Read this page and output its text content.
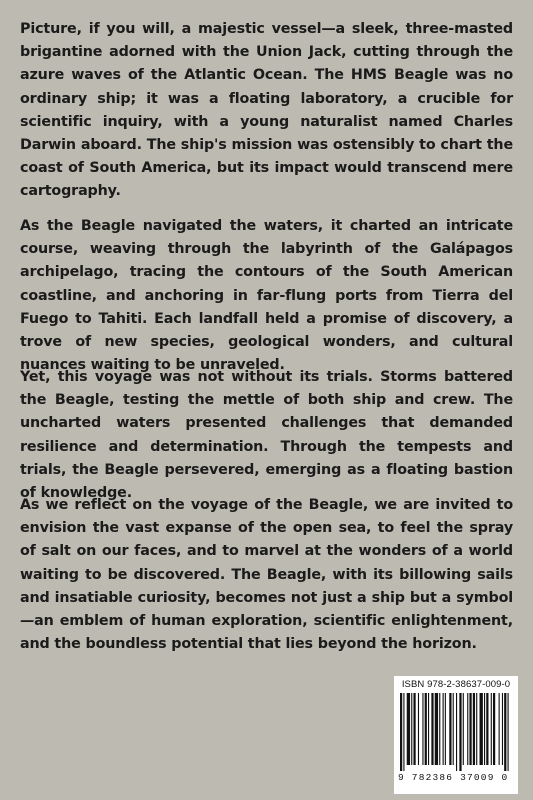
Picture, if you will, a majestic vessel—a sleek, three-masted brigantine adorned with the Union Jack, cutting through the azure waves of the Atlantic Ocean. The HMS Beagle was no ordinary ship; it was a floating laboratory, a crucible for scientific inquiry, with a young naturalist named Charles Darwin aboard. The ship's mission was ostensibly to chart the coast of South America, but its impact would transcend mere cartography.

As the Beagle navigated the waters, it charted an intricate course, weaving through the labyrinth of the Galápagos archipelago, tracing the contours of the South American coastline, and anchoring in far-flung ports from Tierra del Fuego to Tahiti. Each landfall held a promise of discovery, a trove of new species, geological wonders, and cultural nuances waiting to be unraveled.

Yet, this voyage was not without its trials. Storms battered the Beagle, testing the mettle of both ship and crew. The uncharted waters presented challenges that demanded resilience and determination. Through the tempests and trials, the Beagle persevered, emerging as a floating bastion of knowledge.

As we reflect on the voyage of the Beagle, we are invited to envision the vast expanse of the open sea, to feel the spray of salt on our faces, and to marvel at the wonders of a world waiting to be discovered. The Beagle, with its billowing sails and insatiable curiosity, becomes not just a ship but a symbol—an emblem of human exploration, scientific enlightenment, and the boundless potential that lies beyond the horizon.

ISBN 978-2-38637-009-0
9 782386 37009 0
